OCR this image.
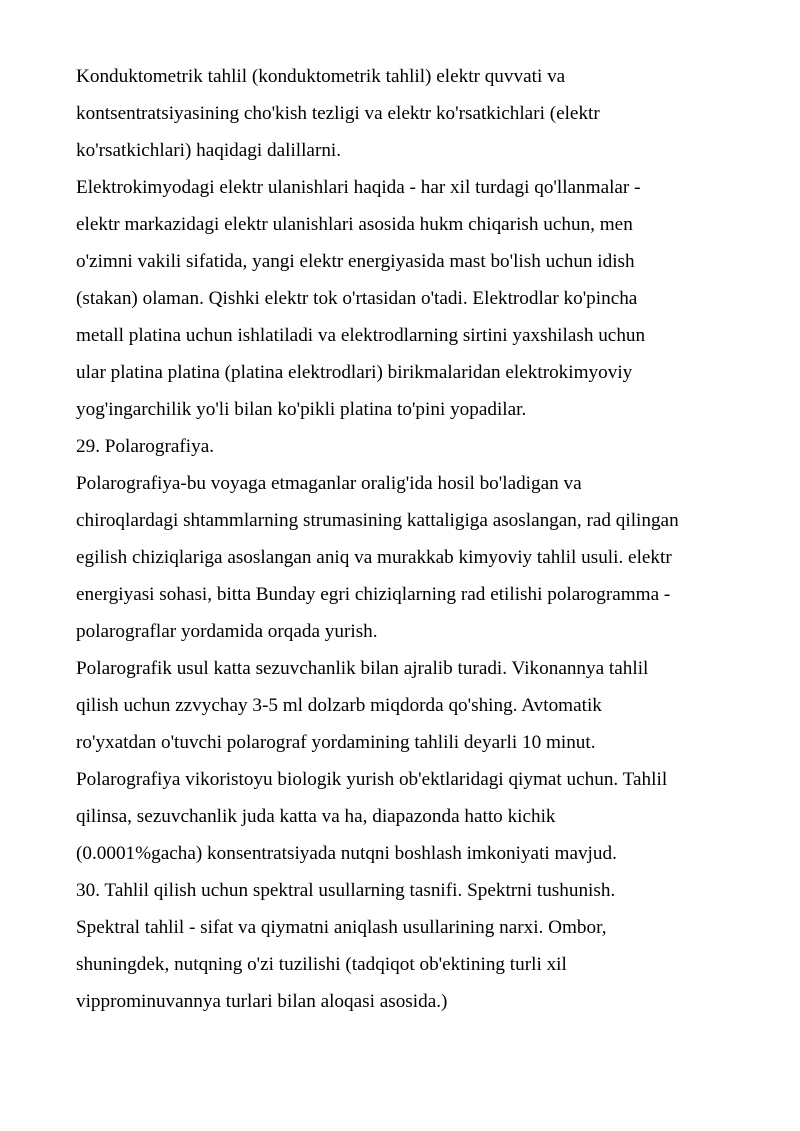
Konduktometrik tahlil (konduktometrik tahlil) elektr quvvati va
kontsentratsiyasining cho'kish tezligi va elektr ko'rsatkichlari (elektr
ko'rsatkichlari) haqidagi dalillarni.
Elektrokimyodagi elektr ulanishlari haqida - har xil turdagi qo'llanmalar -
elektr markazidagi elektr ulanishlari asosida hukm chiqarish uchun, men
o'zimni vakili sifatida, yangi elektr energiyasida mast bo'lish uchun idish
(stakan) olaman. Qishki elektr tok o'rtasidan o'tadi. Elektrodlar ko'pincha
metall platina uchun ishlatiladi va elektrodlarning sirtini yaxshilash uchun
ular platina platina (platina elektrodlari) birikmalaridan elektrokimyoviy
yog'ingarchilik yo'li bilan ko'pikli platina to'pini yopadilar.
29. Polarografiya.
Polarografiya-bu voyaga etmaganlar oralig'ida hosil bo'ladigan va
chiroqlardagi shtammlarning strumasining kattaligiga asoslangan, rad qilingan
egilish chiziqlariga asoslangan aniq va murakkab kimyoviy tahlil usuli. elektr
energiyasi sohasi, bitta Bunday egri chiziqlarning rad etilishi polarogramma -
polarograflar yordamida orqada yurish.
Polarografik usul katta sezuvchanlik bilan ajralib turadi. Vikonannya tahlil
qilish uchun zzvychay 3-5 ml dolzarb miqdorda qo'shing. Avtomatik
ro'yxatdan o'tuvchi polarograf yordamining tahlili deyarli 10 minut.
Polarografiya vikoristoyu biologik yurish ob'ektlaridagi qiymat uchun. Tahlil
qilinsa, sezuvchanlik juda katta va ha, diapazonda hatto kichik
(0.0001%gacha) konsentratsiyada nutqni boshlash imkoniyati mavjud.
30. Tahlil qilish uchun spektral usullarning tasnifi. Spektrni tushunish.
Spektral tahlil - sifat va qiymatni aniqlash usullarining narxi. Ombor,
shuningdek, nutqning o'zi tuzilishi (tadqiqot ob'ektining turli xil
vipprominuvannya turlari bilan aloqasi asosida.)
